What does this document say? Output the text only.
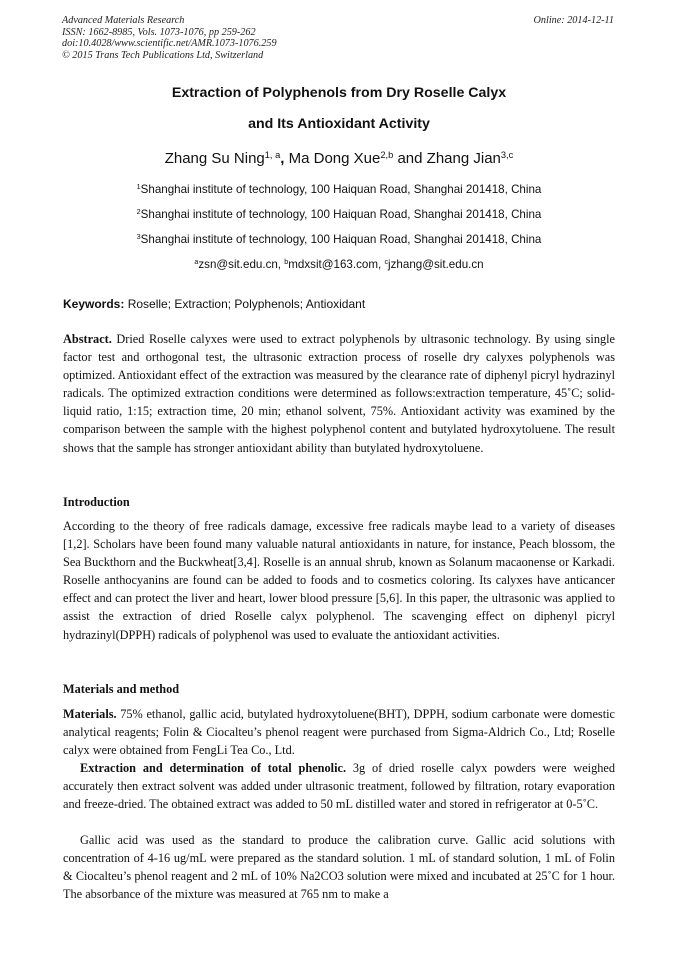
Advanced Materials Research
ISSN: 1662-8985, Vols. 1073-1076, pp 259-262
doi:10.4028/www.scientific.net/AMR.1073-1076.259
© 2015 Trans Tech Publications Ltd, Switzerland
Online: 2014-12-11
Extraction of Polyphenols from Dry Roselle Calyx
and Its Antioxidant Activity
Zhang Su Ning$^{1, a}$, Ma Dong Xue$^{2,b}$ and Zhang Jian$^{3,c}$
$^1$Shanghai institute of technology, 100 Haiquan Road, Shanghai 201418, China
$^2$Shanghai institute of technology, 100 Haiquan Road, Shanghai 201418, China
$^3$Shanghai institute of technology, 100 Haiquan Road, Shanghai 201418, China
$^a$zsn@sit.edu.cn, $^b$mdxsit@163.com, $^c$jzhang@sit.edu.cn
Keywords: Roselle; Extraction; Polyphenols; Antioxidant
Abstract. Dried Roselle calyxes were used to extract polyphenols by ultrasonic technology. By using single factor test and orthogonal test, the ultrasonic extraction process of roselle dry calyxes polyphenols was optimized. Antioxidant effect of the extraction was measured by the clearance rate of diphenyl picryl hydrazinyl radicals. The optimized extraction conditions were determined as follows:extraction temperature, 45˚C; solid-liquid ratio, 1:15; extraction time, 20 min; ethanol solvent, 75%. Antioxidant activity was examined by the comparison between the sample with the highest polyphenol content and butylated hydroxytoluene. The result shows that the sample has stronger antioxidant ability than butylated hydroxytoluene.
Introduction
According to the theory of free radicals damage, excessive free radicals maybe lead to a variety of diseases [1,2]. Scholars have been found many valuable natural antioxidants in nature, for instance, Peach blossom, the Sea Buckthorn and the Buckwheat[3,4]. Roselle is an annual shrub, known as Solanum macaonense or Karkadi. Roselle anthocyanins are found can be added to foods and to cosmetics coloring. Its calyxes have anticancer effect and can protect the liver and heart, lower blood pressure [5,6]. In this paper, the ultrasonic was applied to assist the extraction of dried Roselle calyx polyphenol. The scavenging effect on diphenyl picryl hydrazinyl(DPPH) radicals of polyphenol was used to evaluate the antioxidant activities.
Materials and method
Materials. 75% ethanol, gallic acid, butylated hydroxytoluene(BHT), DPPH, sodium carbonate were domestic analytical reagents; Folin & Ciocalteu’s phenol reagent were purchased from Sigma-Aldrich Co., Ltd; Roselle calyx were obtained from FengLi Tea Co., Ltd.
Extraction and determination of total phenolic. 3g of dried roselle calyx powders were weighed accurately then extract solvent was added under ultrasonic treatment, followed by filtration, rotary evaporation and freeze-dried. The obtained extract was added to 50 mL distilled water and stored in refrigerator at 0-5˚C.
Gallic acid was used as the standard to produce the calibration curve. Gallic acid solutions with concentration of 4-16 ug/mL were prepared as the standard solution. 1 mL of standard solution, 1 mL of Folin & Ciocalteu’s phenol reagent and 2 mL of 10% Na2CO3 solution were mixed and incubated at 25˚C for 1 hour. The absorbance of the mixture was measured at 765 nm to make a
